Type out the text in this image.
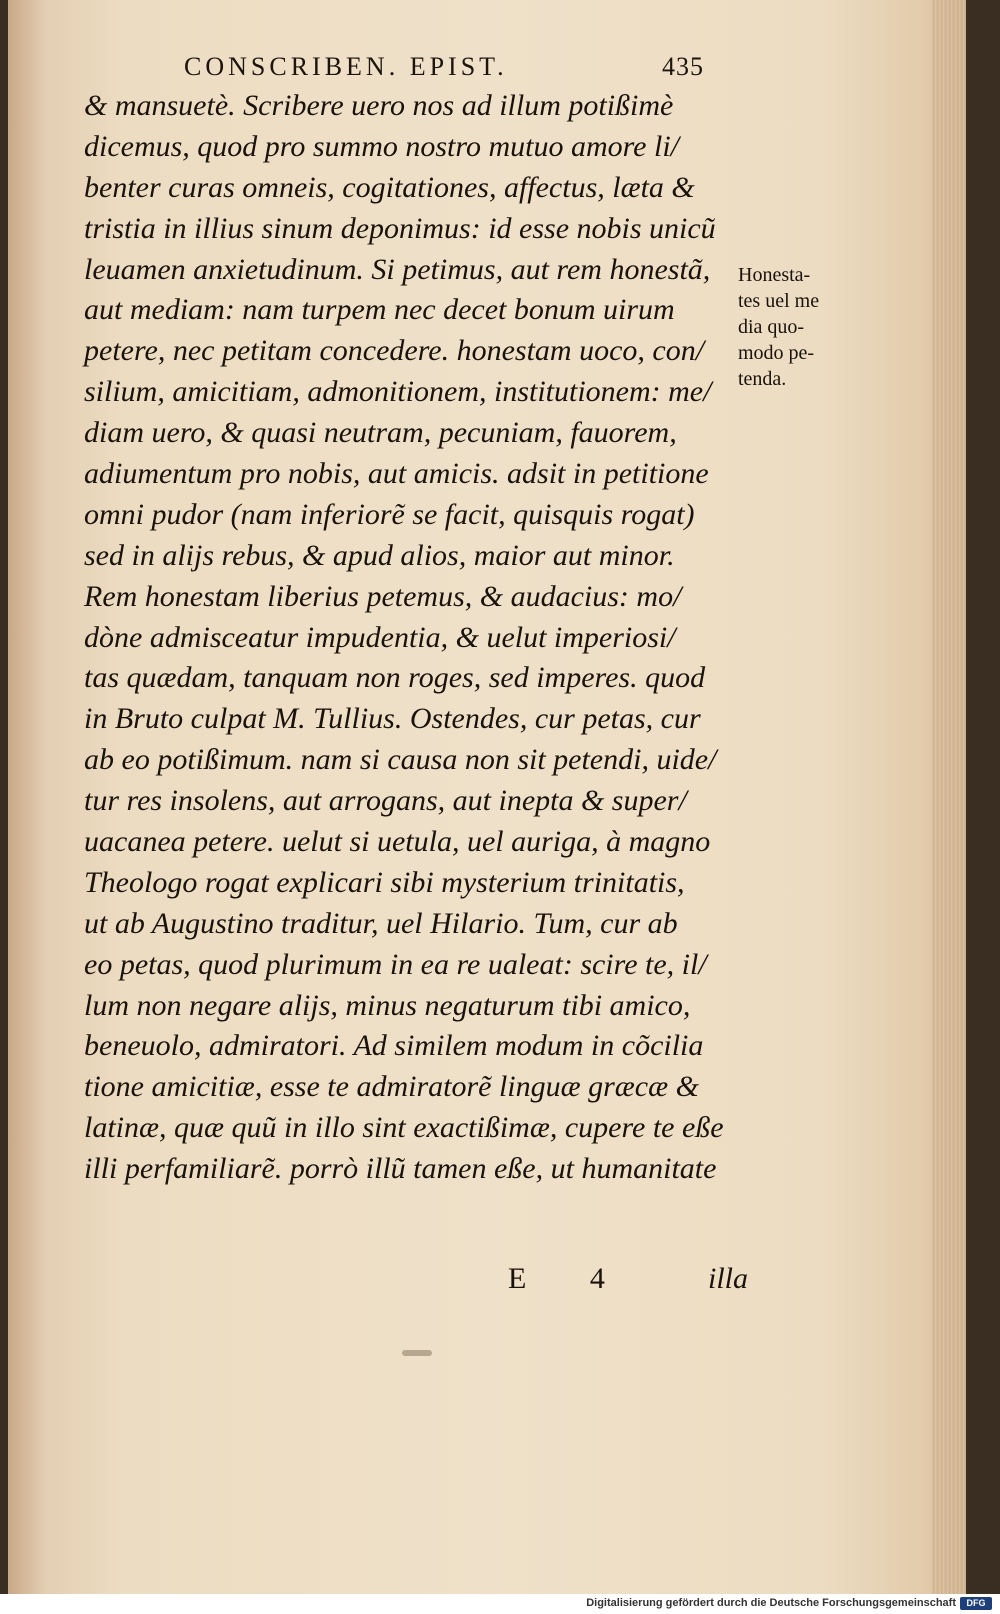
CONSCRIBEN. EPIST.	435
& mansuetè. Scribere uero nos ad illum potißimè
dicemus, quod pro summo nostro mutuo amore li/
benter curas omneis, cogitationes, affectus, læta &
tristia in illius sinum deponimus: id esse nobis unicũ
leuamen anxietudinum. Si petimus, aut rem honestã,
aut mediam: nam turpem nec decet bonum uirum
petere, nec petitam concedere. honestam uoco, con/
silium, amicitiam, admonitionem, institutionem: me/
diam uero, & quasi neutram, pecuniam, fauorem,
adiumentum pro nobis, aut amicis. adsit in petitione
omni pudor (nam inferiorẽ se facit, quisquis rogat)
sed in alijs rebus, & apud alios, maior aut minor.
Rem honestam liberius petemus, & audacius: mo/
dòne admisceatur impudentia, & uelut imperiosi/
tas quædam, tanquam non roges, sed imperes. quod
in Bruto culpat M. Tullius. Ostendes, cur petas, cur
ab eo potißimum. nam si causa non sit petendi, uide/
tur res insolens, aut arrogans, aut inepta & super/
uacanea petere. uelut si uetula, uel auriga, à magno
Theologo rogat explicari sibi mysterium trinitatis,
ut ab Augustino traditur, uel Hilario. Tum, cur ab
eo petas, quod plurimum in ea re ualeat: scire te, il/
lum non negare alijs, minus negaturum tibi amico,
beneuolo, admiratori. Ad similem modum in cõcilia
tione amicitiæ, esse te admiratorẽ linguæ græcæ &
latinæ, quæ quũ in illo sint exactißimæ, cupere te eße
illi perfamiliarẽ. porrò illũ tamen eße, ut humanitate
Honesta-
tes uel me
dia quo-
modo pe-
tenda.
E 4	illa
Digitalisierung gefördert durch die Deutsche Forschungsgemeinschaft	DFG
